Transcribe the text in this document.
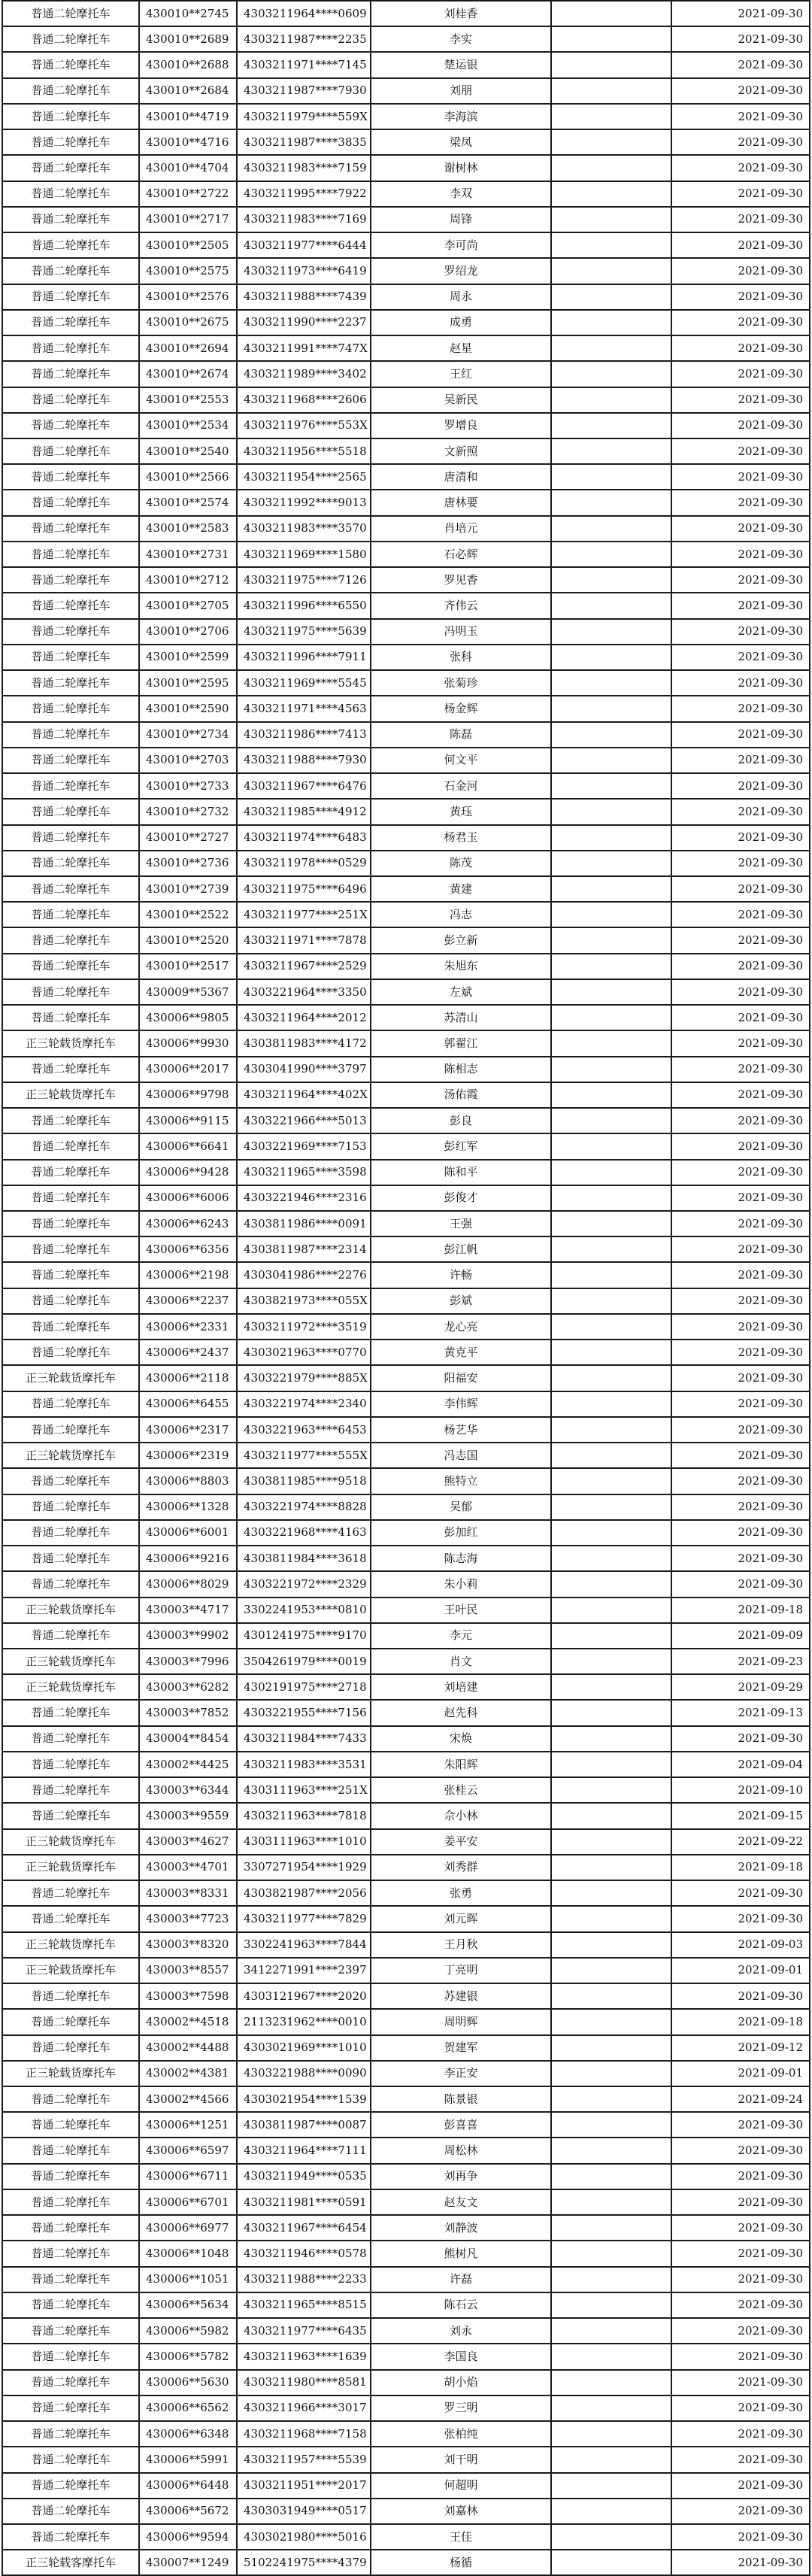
普通二轮摩托车	430010**2745	4303211964****0609	刘桂香		2021-09-30
普通二轮摩托车	430010**2689	4303211987****2235	李实		2021-09-30
普通二轮摩托车	430010**2688	4303211971****7145	楚运银		2021-09-30
普通二轮摩托车	430010**2684	4303211987****7930	刘朋		2021-09-30
普通二轮摩托车	430010**4719	4303211979****559X	李海滨		2021-09-30
普通二轮摩托车	430010**4716	4303211987****3835	梁凤		2021-09-30
普通二轮摩托车	430010**4704	4303211983****7159	谢树林		2021-09-30
普通二轮摩托车	430010**2722	4303211995****7922	李双		2021-09-30
普通二轮摩托车	430010**2717	4303211983****7169	周锋		2021-09-30
普通二轮摩托车	430010**2505	4303211977****6444	李可尚		2021-09-30
普通二轮摩托车	430010**2575	4303211973****6419	罗绍龙		2021-09-30
普通二轮摩托车	430010**2576	4303211988****7439	周永		2021-09-30
普通二轮摩托车	430010**2675	4303211990****2237	成勇		2021-09-30
普通二轮摩托车	430010**2694	4303211991****747X	赵星		2021-09-30
普通二轮摩托车	430010**2674	4303211989****3402	王红		2021-09-30
普通二轮摩托车	430010**2553	4303211968****2606	吴新民		2021-09-30
普通二轮摩托车	430010**2534	4303211976****553X	罗增良		2021-09-30
普通二轮摩托车	430010**2540	4303211956****5518	文新照		2021-09-30
普通二轮摩托车	430010**2566	4303211954****2565	唐清和		2021-09-30
普通二轮摩托车	430010**2574	4303211992****9013	唐林要		2021-09-30
普通二轮摩托车	430010**2583	4303211983****3570	肖培元		2021-09-30
普通二轮摩托车	430010**2731	4303211969****1580	石必辉		2021-09-30
普通二轮摩托车	430010**2712	4303211975****7126	罗见香		2021-09-30
普通二轮摩托车	430010**2705	4303211996****6550	齐伟云		2021-09-30
普通二轮摩托车	430010**2706	4303211975****5639	冯明玉		2021-09-30
普通二轮摩托车	430010**2599	4303211996****7911	张科		2021-09-30
普通二轮摩托车	430010**2595	4303211969****5545	张菊珍		2021-09-30
普通二轮摩托车	430010**2590	4303211971****4563	杨金辉		2021-09-30
普通二轮摩托车	430010**2734	4303211986****7413	陈磊		2021-09-30
普通二轮摩托车	430010**2703	4303211988****7930	何文平		2021-09-30
普通二轮摩托车	430010**2733	4303211967****6476	石金河		2021-09-30
普通二轮摩托车	430010**2732	4303211985****4912	黄珏		2021-09-30
普通二轮摩托车	430010**2727	4303211974****6483	杨君玉		2021-09-30
普通二轮摩托车	430010**2736	4303211978****0529	陈茂		2021-09-30
普通二轮摩托车	430010**2739	4303211975****6496	黄建		2021-09-30
普通二轮摩托车	430010**2522	4303211977****251X	冯志		2021-09-30
普通二轮摩托车	430010**2520	4303211971****7878	彭立新		2021-09-30
普通二轮摩托车	430010**2517	4303211967****2529	朱旭东		2021-09-30
普通二轮摩托车	430009**5367	4303221964****3350	左斌		2021-09-30
普通二轮摩托车	430006**9805	4303211964****2012	苏清山		2021-09-30
正三轮载货摩托车	430006**9930	4303811983****4172	郭翟江		2021-09-30
普通二轮摩托车	430006**2017	4303041990****3797	陈相志		2021-09-30
正三轮载货摩托车	430006**9798	4303211964****402X	汤佑霞		2021-09-30
普通二轮摩托车	430006**9115	4303221966****5013	彭良		2021-09-30
普通二轮摩托车	430006**6641	4303221969****7153	彭红军		2021-09-30
普通二轮摩托车	430006**9428	4303211965****3598	陈和平		2021-09-30
普通二轮摩托车	430006**6006	4303221946****2316	彭俊才		2021-09-30
普通二轮摩托车	430006**6243	4303811986****0091	王强		2021-09-30
普通二轮摩托车	430006**6356	4303811987****2314	彭江帆		2021-09-30
普通二轮摩托车	430006**2198	4303041986****2276	许畅		2021-09-30
普通二轮摩托车	430006**2237	4303821973****055X	彭斌		2021-09-30
普通二轮摩托车	430006**2331	4303211972****3519	龙心亮		2021-09-30
普通二轮摩托车	430006**2437	4303021963****0770	黄克平		2021-09-30
正三轮载货摩托车	430006**2118	4303221979****885X	阳福安		2021-09-30
普通二轮摩托车	430006**6455	4303221974****2340	李伟辉		2021-09-30
普通二轮摩托车	430006**2317	4303221963****6453	杨艺华		2021-09-30
正三轮载货摩托车	430006**2319	4303211977****555X	冯志国		2021-09-30
普通二轮摩托车	430006**8803	4303811985****9518	熊特立		2021-09-30
普通二轮摩托车	430006**1328	4303221974****8828	吴郁		2021-09-30
普通二轮摩托车	430006**6001	4303221968****4163	彭加红		2021-09-30
普通二轮摩托车	430006**9216	4303811984****3618	陈志海		2021-09-30
普通二轮摩托车	430006**8029	4303221972****2329	朱小莉		2021-09-30
正三轮载货摩托车	430003**4717	3302241953****0810	王叶民		2021-09-18
普通二轮摩托车	430003**9902	4301241975****9170	李元		2021-09-09
正三轮载货摩托车	430003**7996	3504261979****0019	肖文		2021-09-23
正三轮载货摩托车	430003**6282	4302191975****2718	刘培建		2021-09-29
普通二轮摩托车	430003**7852	4303221955****7156	赵先科		2021-09-13
普通二轮摩托车	430004**8454	4303211984****7433	宋焕		2021-09-30
普通二轮摩托车	430002**4425	4303211983****3531	朱阳辉		2021-09-04
普通二轮摩托车	430003**6344	4303111963****251X	张桂云		2021-09-10
普通二轮摩托车	430003**9559	4303211963****7818	佘小林		2021-09-15
正三轮载货摩托车	430003**4627	4303111963****1010	姜平安		2021-09-22
正三轮载货摩托车	430003**4701	3307271954****1929	刘秀群		2021-09-18
普通二轮摩托车	430003**8331	4303821987****2056	张勇		2021-09-30
普通二轮摩托车	430003**7723	4303211977****7829	刘元晖		2021-09-30
正三轮载货摩托车	430003**8320	3302241963****7844	王月秋		2021-09-03
正三轮载货摩托车	430003**8557	3412271991****2397	丁亮明		2021-09-01
普通二轮摩托车	430003**7598	4303121967****2020	苏建银		2021-09-30
普通二轮摩托车	430002**4518	2113231962****0010	周明辉		2021-09-18
普通二轮摩托车	430002**4488	4303021969****1010	贺建军		2021-09-12
正三轮载货摩托车	430002**4381	4303221988****0090	李正安		2021-09-01
普通二轮摩托车	430002**4566	4303021954****1539	陈景银		2021-09-24
普通二轮摩托车	430006**1251	4303811987****0087	彭喜喜		2021-09-30
普通二轮摩托车	430006**6597	4303211964****7111	周松林		2021-09-30
普通二轮摩托车	430006**6711	4303211949****0535	刘再争		2021-09-30
普通二轮摩托车	430006**6701	4303211981****0591	赵友文		2021-09-30
普通二轮摩托车	430006**6977	4303211967****6454	刘静波		2021-09-30
普通二轮摩托车	430006**1048	4303211946****0578	熊树凡		2021-09-30
普通二轮摩托车	430006**1051	4303211988****2233	许磊		2021-09-30
普通二轮摩托车	430006**5634	4303211965****8515	陈石云		2021-09-30
普通二轮摩托车	430006**5982	4303211977****6435	刘永		2021-09-30
普通二轮摩托车	430006**5782	4303211963****1639	李国良		2021-09-30
普通二轮摩托车	430006**5630	4303211980****8581	胡小焰		2021-09-30
普通二轮摩托车	430006**6562	4303211966****3017	罗三明		2021-09-30
普通二轮摩托车	430006**6348	4303211968****7158	张柏纯		2021-09-30
普通二轮摩托车	430006**5991	4303211957****5539	刘干明		2021-09-30
普通二轮摩托车	430006**6448	4303211951****2017	何超明		2021-09-30
普通二轮摩托车	430006**5672	4303031949****0517	刘嘉林		2021-09-30
普通二轮摩托车	430006**9594	4303021980****5016	王佳		2021-09-30
正三轮载客摩托车	430007**1249	5102241975****4379	杨循		2021-09-30
